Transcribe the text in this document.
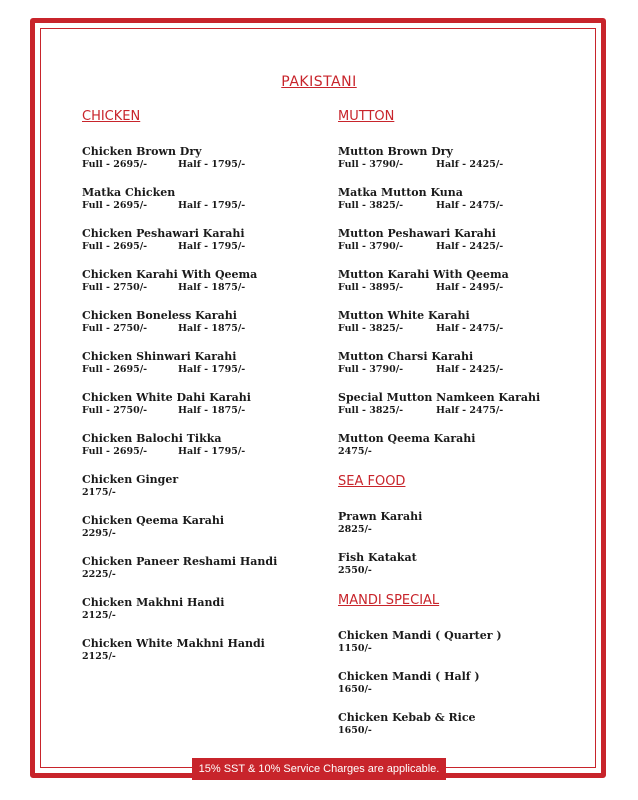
PAKISTANI
CHICKEN
Chicken Brown Dry
Full - 2695/-	Half - 1795/-
Matka Chicken
Full - 2695/-	Half - 1795/-
Chicken Peshawari Karahi
Full - 2695/-	Half - 1795/-
Chicken Karahi With Qeema
Full - 2750/-	Half - 1875/-
Chicken Boneless Karahi
Full - 2750/-	Half - 1875/-
Chicken Shinwari Karahi
Full - 2695/-	Half - 1795/-
Chicken White Dahi Karahi
Full - 2750/-	Half - 1875/-
Chicken Balochi Tikka
Full - 2695/-	Half - 1795/-
Chicken Ginger
2175/-
Chicken Qeema Karahi
2295/-
Chicken Paneer Reshami Handi
2225/-
Chicken Makhni Handi
2125/-
Chicken White Makhni Handi
2125/-
MUTTON
Mutton Brown Dry
Full - 3790/-	Half - 2425/-
Matka Mutton Kuna
Full - 3825/-	Half - 2475/-
Mutton Peshawari Karahi
Full - 3790/-	Half - 2425/-
Mutton Karahi With Qeema
Full - 3895/-	Half - 2495/-
Mutton White Karahi
Full - 3825/-	Half - 2475/-
Mutton Charsi Karahi
Full - 3790/-	Half - 2425/-
Special Mutton Namkeen Karahi
Full - 3825/-	Half - 2475/-
Mutton Qeema Karahi
2475/-
SEA FOOD
Prawn Karahi
2825/-
Fish Katakat
2550/-
MANDI SPECIAL
Chicken Mandi ( Quarter )
1150/-
Chicken Mandi ( Half )
1650/-
Chicken Kebab & Rice
1650/-
15% SST & 10% Service Charges are applicable.
